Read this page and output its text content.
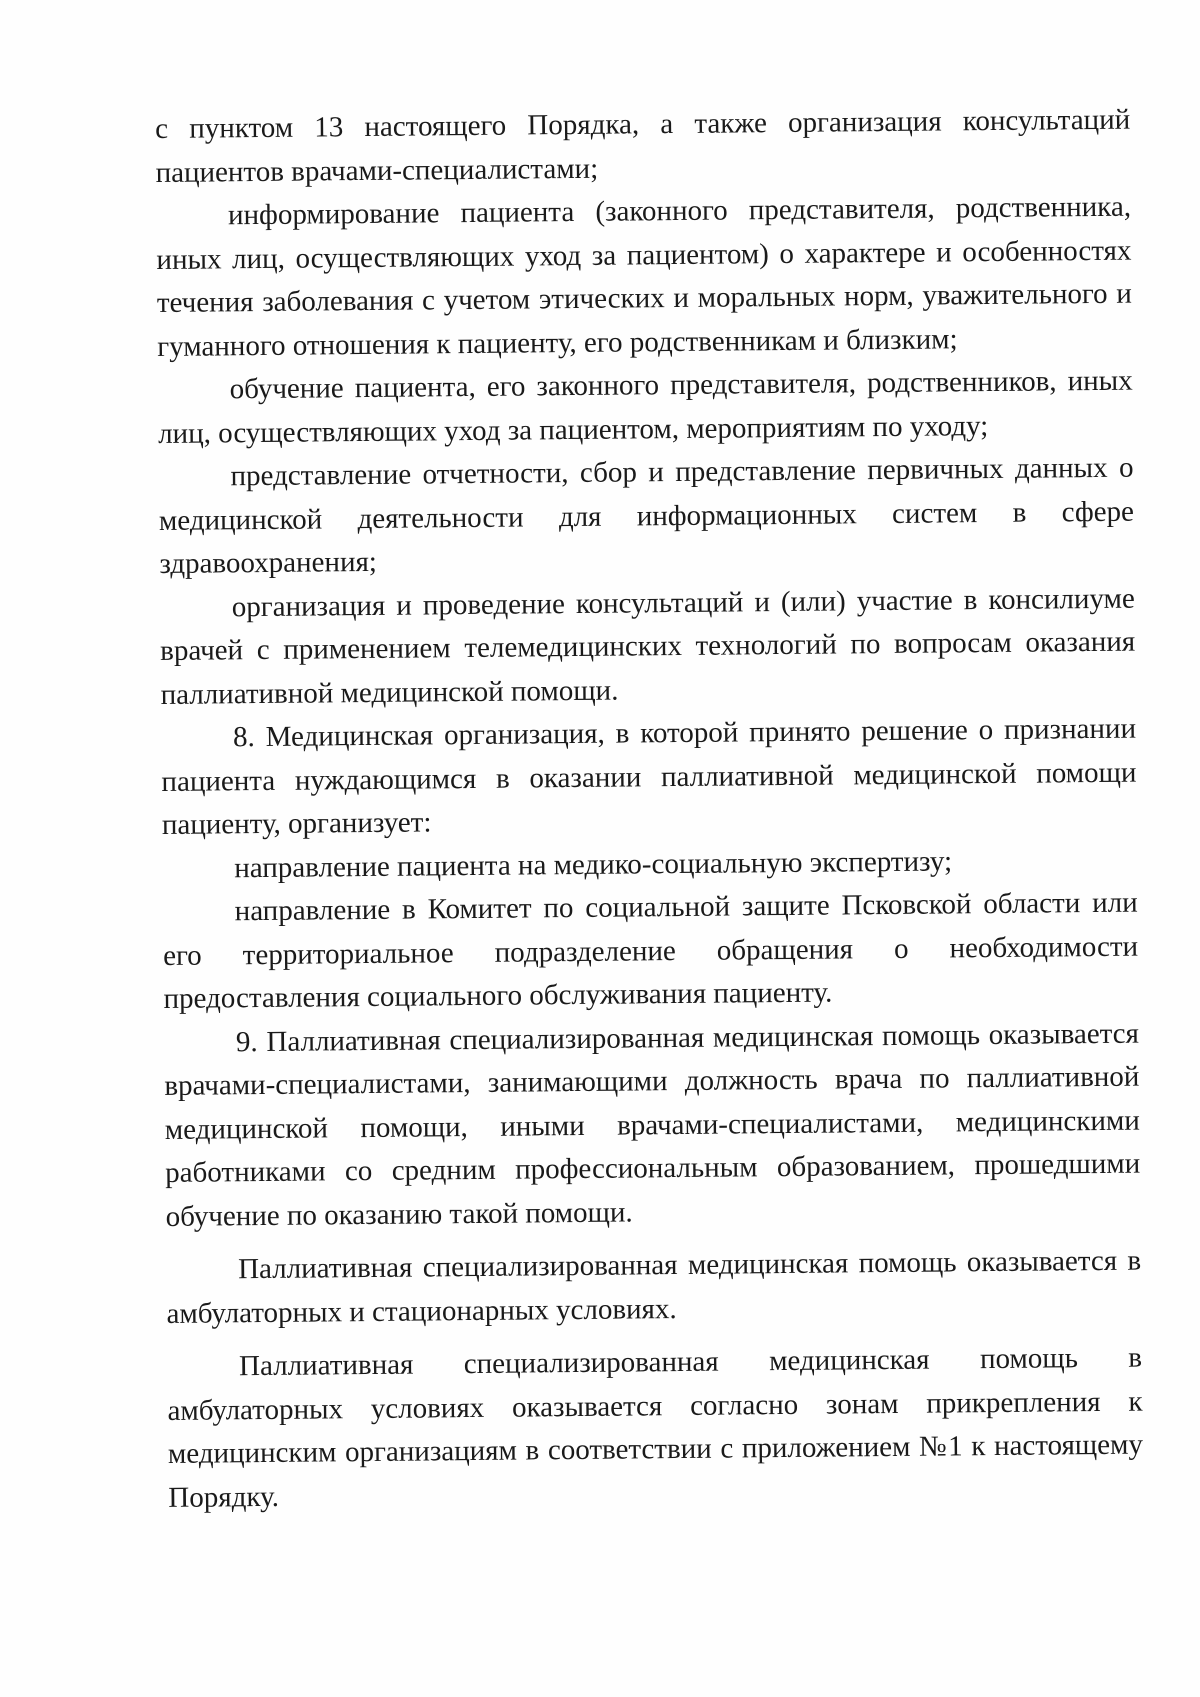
с пунктом 13 настоящего Порядка, а также организация консультаций пациентов врачами-специалистами;

информирование пациента (законного представителя, родственника, иных лиц, осуществляющих уход за пациентом) о характере и особенностях течения заболевания с учетом этических и моральных норм, уважительного и гуманного отношения к пациенту, его родственникам и близким;

обучение пациента, его законного представителя, родственников, иных лиц, осуществляющих уход за пациентом, мероприятиям по уходу;

представление отчетности, сбор и представление первичных данных о медицинской деятельности для информационных систем в сфере здравоохранения;

организация и проведение консультаций и (или) участие в консилиуме врачей с применением телемедицинских технологий по вопросам оказания паллиативной медицинской помощи.

8. Медицинская организация, в которой принято решение о признании пациента нуждающимся в оказании паллиативной медицинской помощи пациенту, организует:

направление пациента на медико-социальную экспертизу;

направление в Комитет по социальной защите Псковской области или его территориальное подразделение обращения о необходимости предоставления социального обслуживания пациенту.

9. Паллиативная специализированная медицинская помощь оказывается врачами-специалистами, занимающими должность врача по паллиативной медицинской помощи, иными врачами-специалистами, медицинскими работниками со средним профессиональным образованием, прошедшими обучение по оказанию такой помощи.

Паллиативная специализированная медицинская помощь оказывается в амбулаторных и стационарных условиях.

Паллиативная специализированная медицинская помощь в амбулаторных условиях оказывается согласно зонам прикрепления к медицинским организациям в соответствии с приложением №1 к настоящему Порядку.
